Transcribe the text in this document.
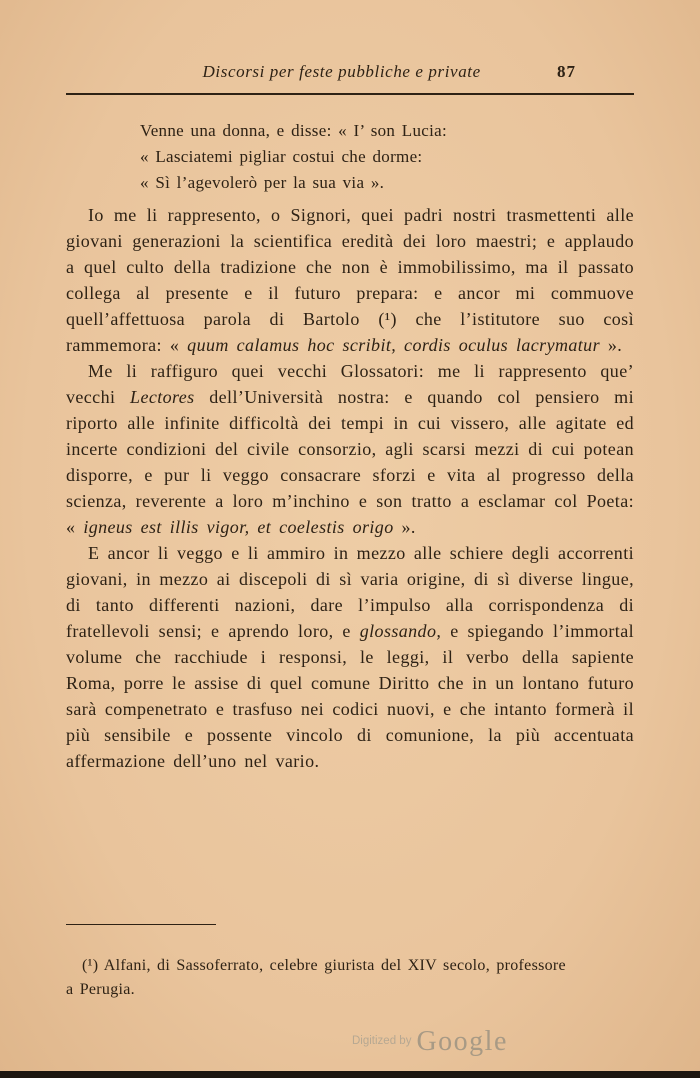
Discorsi per feste pubbliche e private	87
Venne una donna, e disse: « I’ son Lucia:
« Lasciatemi pigliar costui che dorme:
« Sì l’agevolerò per la sua via ».

Io me li rappresento, o Signori, quei padri nostri trasmettenti alle giovani generazioni la scientifica eredità dei loro maestri; e applaudo a quel culto della tradizione che non è immobilissimo, ma il passato collega al presente e il futuro prepara: e ancor mi commuove quell’affettuosa parola di Bartolo (¹) che l’istitutore suo così rammemora: « quum calamus hoc scribit, cordis oculus lacrymatur ».

Me li raffiguro quei vecchi Glossatori: me li rappresento que’ vecchi Lectores dell’Università nostra: e quando col pensiero mi riporto alle infinite difficoltà dei tempi in cui vissero, alle agitate ed incerte condizioni del civile consorzio, agli scarsi mezzi di cui potean disporre, e pur li veggo consacrare sforzi e vita al progresso della scienza, reverente a loro m’inchino e son tratto a esclamar col Poeta: « igneus est illis vigor, et coelestis origo ».

E ancor li veggo e li ammiro in mezzo alle schiere degli accorrenti giovani, in mezzo ai discepoli di sì varia origine, di sì diverse lingue, di tanto differenti nazioni, dare l’impulso alla corrispondenza di fratellevoli sensi; e aprendo loro, e glossando, e spiegando l’immortal volume che racchiude i responsi, le leggi, il verbo della sapiente Roma, porre le assise di quel comune Diritto che in un lontano futuro sarà compenetrato e trasfuso nei codici nuovi, e che intanto formerà il più sensibile e possente vincolo di comunione, la più accentuata affermazione dell’uno nel vario.

(¹) Alfani, di Sassoferrato, celebre giurista del XIV secolo, professore a Perugia.

$^{Digitized by}$ Google
